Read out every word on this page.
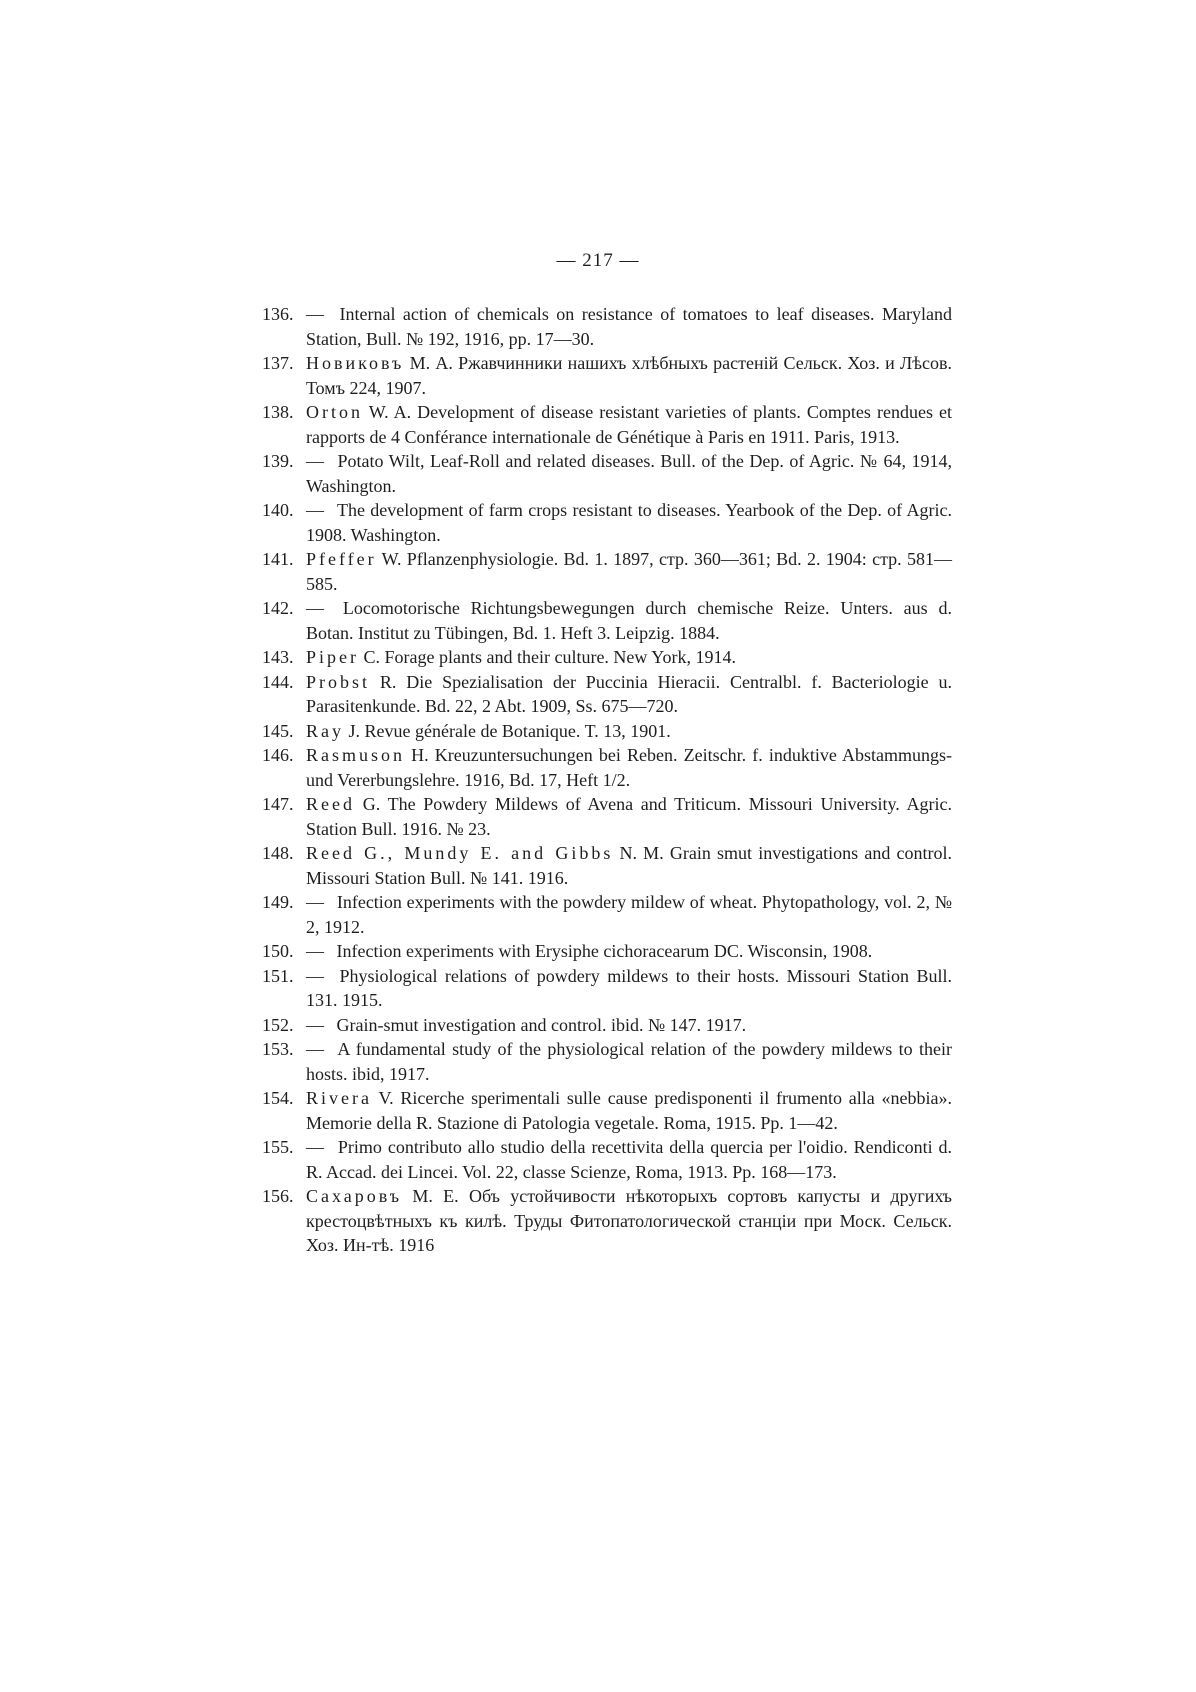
— 217 —
136. — Internal action of chemicals on resistance of tomatoes to leaf diseases. Maryland Station, Bull. № 192, 1916, pp. 17—30.
137. Новиковъ М. А. Ржавчинники нашихъ хлѣбныхъ растеній Сельск. Хоз. и Лѣсов. Томъ 224, 1907.
138. Orton W. A. Development of disease resistant varieties of plants. Comptes rendues et rapports de 4 Conférance internationale de Génétique à Paris en 1911. Paris, 1913.
139. — Potato Wilt, Leaf-Roll and related diseases. Bull. of the Dep. of Agric. № 64, 1914, Washington.
140. — The development of farm crops resistant to diseases. Yearbook of the Dep. of Agric. 1908. Washington.
141. Pfeffer W. Pflanzenphysiologie. Bd. 1. 1897, стр. 360—361; Bd. 2. 1904: стр. 581—585.
142. — Locomotorische Richtungsbewegungen durch chemische Reize. Unters. aus d. Botan. Institut zu Tübingen, Bd. 1. Heft 3. Leipzig. 1884.
143. Piper C. Forage plants and their culture. New York, 1914.
144. Probst R. Die Spezialisation der Puccinia Hieracii. Centralbl. f. Bacteriologie u. Parasitenkunde. Bd. 22, 2 Abt. 1909, Ss. 675—720.
145. Ray J. Revue générale de Botanique. T. 13, 1901.
146. Rasmuson H. Kreuzuntersuchungen bei Reben. Zeitschr. f. induktive Abstammungs-und Vererbungslehre. 1916, Bd. 17, Heft 1/2.
147. Reed G. The Powdery Mildews of Avena and Triticum. Missouri University. Agric. Station Bull. 1916. № 23.
148. Reed G., Mundy E. and Gibbs N. M. Grain smut investigations and control. Missouri Station Bull. № 141. 1916.
149. — Infection experiments with the powdery mildew of wheat. Phytopathology, vol. 2, № 2, 1912.
150. — Infection experiments with Erysiphe cichoracearum DC. Wisconsin, 1908.
151. — Physiological relations of powdery mildews to their hosts. Missouri Station Bull. 131. 1915.
152. — Grain-smut investigation and control. ibid. № 147. 1917.
153. — A fundamental study of the physiological relation of the powdery mildews to their hosts. ibid, 1917.
154. Rivera V. Ricerche sperimentali sulle cause predisponenti il frumento alla «nebbia». Memorie della R. Stazione di Patologia vegetale. Roma, 1915. Pp. 1—42.
155. — Primo contributo allo studio della recettivita della quercia per l'oidio. Rendiconti d. R. Accad. dei Lincei. Vol. 22, classe Scienze, Roma, 1913. Pp. 168—173.
156. Сахаровъ М. Е. Объ устойчивости нѣкоторыхъ сортовъ капусты и другихъ крестоцвѣтныхъ къ килѣ. Труды Фитопатологической станціи при Моск. Сельск. Хоз. Ин-тѣ. 1916
